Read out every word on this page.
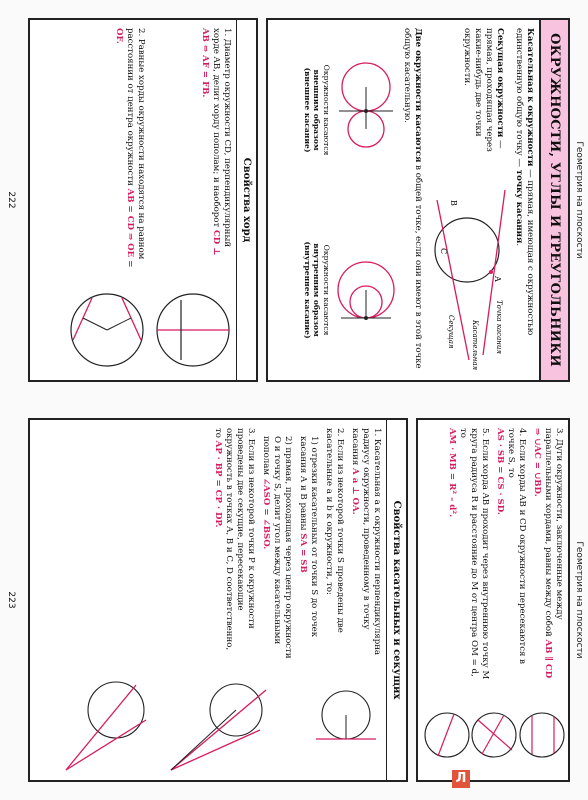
Геометрия на плоскости
ОКРУЖНОСТИ, УГЛЫ И ТРЕУГОЛЬНИКИ
Касательная к окружности — прямая, имеющая с окружностью единственную общую точку — точку касания.
Секущая окружности — прямая, проходящая через какие-нибудь две точки окружности.
A
B
C
Точка касания
Касательная
Секущая
Две окружности касаются в общей точке, если они имеют в этой точке общую касательную.
Окружности касаются
внешним образом
(внешнее касание)
Окружности касаются
внутренним образом
(внутреннее касание)
Свойства хорд
1. Диаметр окружности CD, перпендикулярный хорде AB, делит хорду пополам; и наоборот CD ⊥ AB ⇔ AF = FB.
2. Равные хорды окружности находятся на равном расстоянии от центра окружности AB = CD ⇒ OE = OF.
222
Геометрия на плоскости
3. Дуги окружности, заключенные между параллельными хордами, равны между собой AB ∥ CD ⇒ ∪AC = ∪BD.
4. Если хорды AB и CD окружности пересекаются в точке S, то
AS · SB = CS · SD.
5. Если хорда AB проходит через внутреннюю точку M круга радиуса R и расстояние до M от центра OM = d, то
AM · MB = R² – d².
Свойства касательных и секущих
1. Касательная a к окружности перпендикулярна радиусу окружности, проведенному в точку касания A a ⊥ OA.
2. Если из некоторой точки S проведены две касательные a и b к окружности, то:
1) отрезки касательных от точки S до точек касания A и B равны SA = SB
2) прямая, проходящая через центр окружности O и точку S, делит угол между касательными пополам ∠ASO = ∠BSO.
3. Если из некоторой точки P к окружности проведены две секущие, пересекающие окружность в точках A, B и C, D соответственно, то AP · BP = CP · DP.
223
Л
